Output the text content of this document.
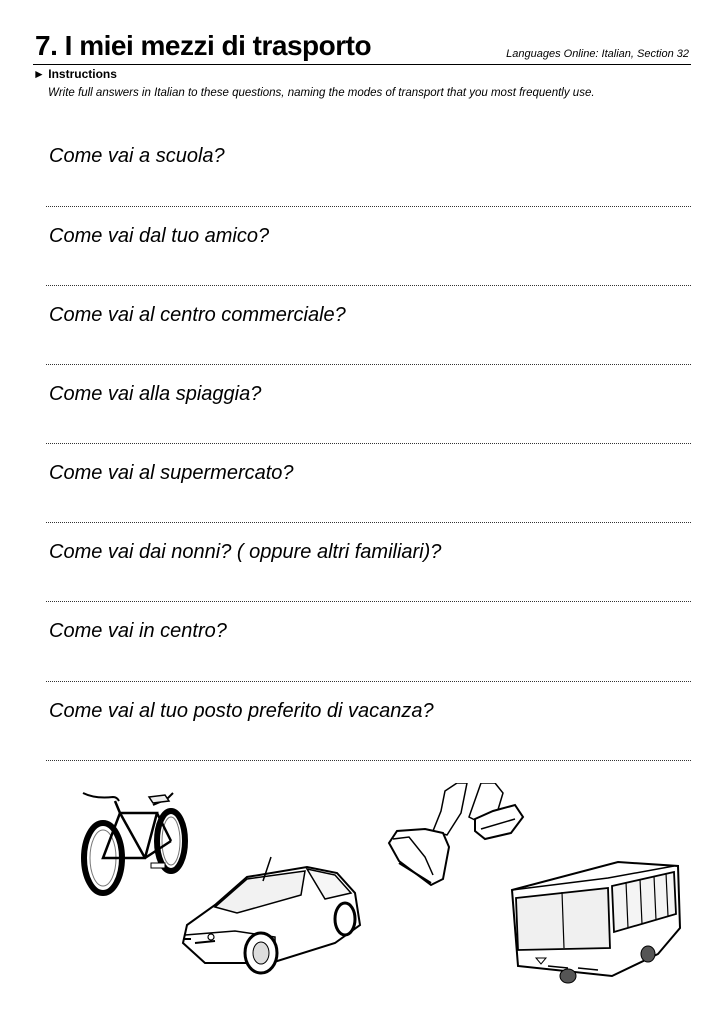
7. I miei mezzi di trasporto	Languages Online: Italian, Section 32
► Instructions
Write full answers in Italian to these questions, naming the modes of transport that you most frequently use.
Come vai a scuola?
Come vai dal tuo amico?
Come vai al centro commerciale?
Come vai alla spiaggia?
Come vai al supermercato?
Come vai dai nonni? ( oppure altri familiari)?
Come vai in centro?
Come vai al tuo posto preferito di vacanza?
